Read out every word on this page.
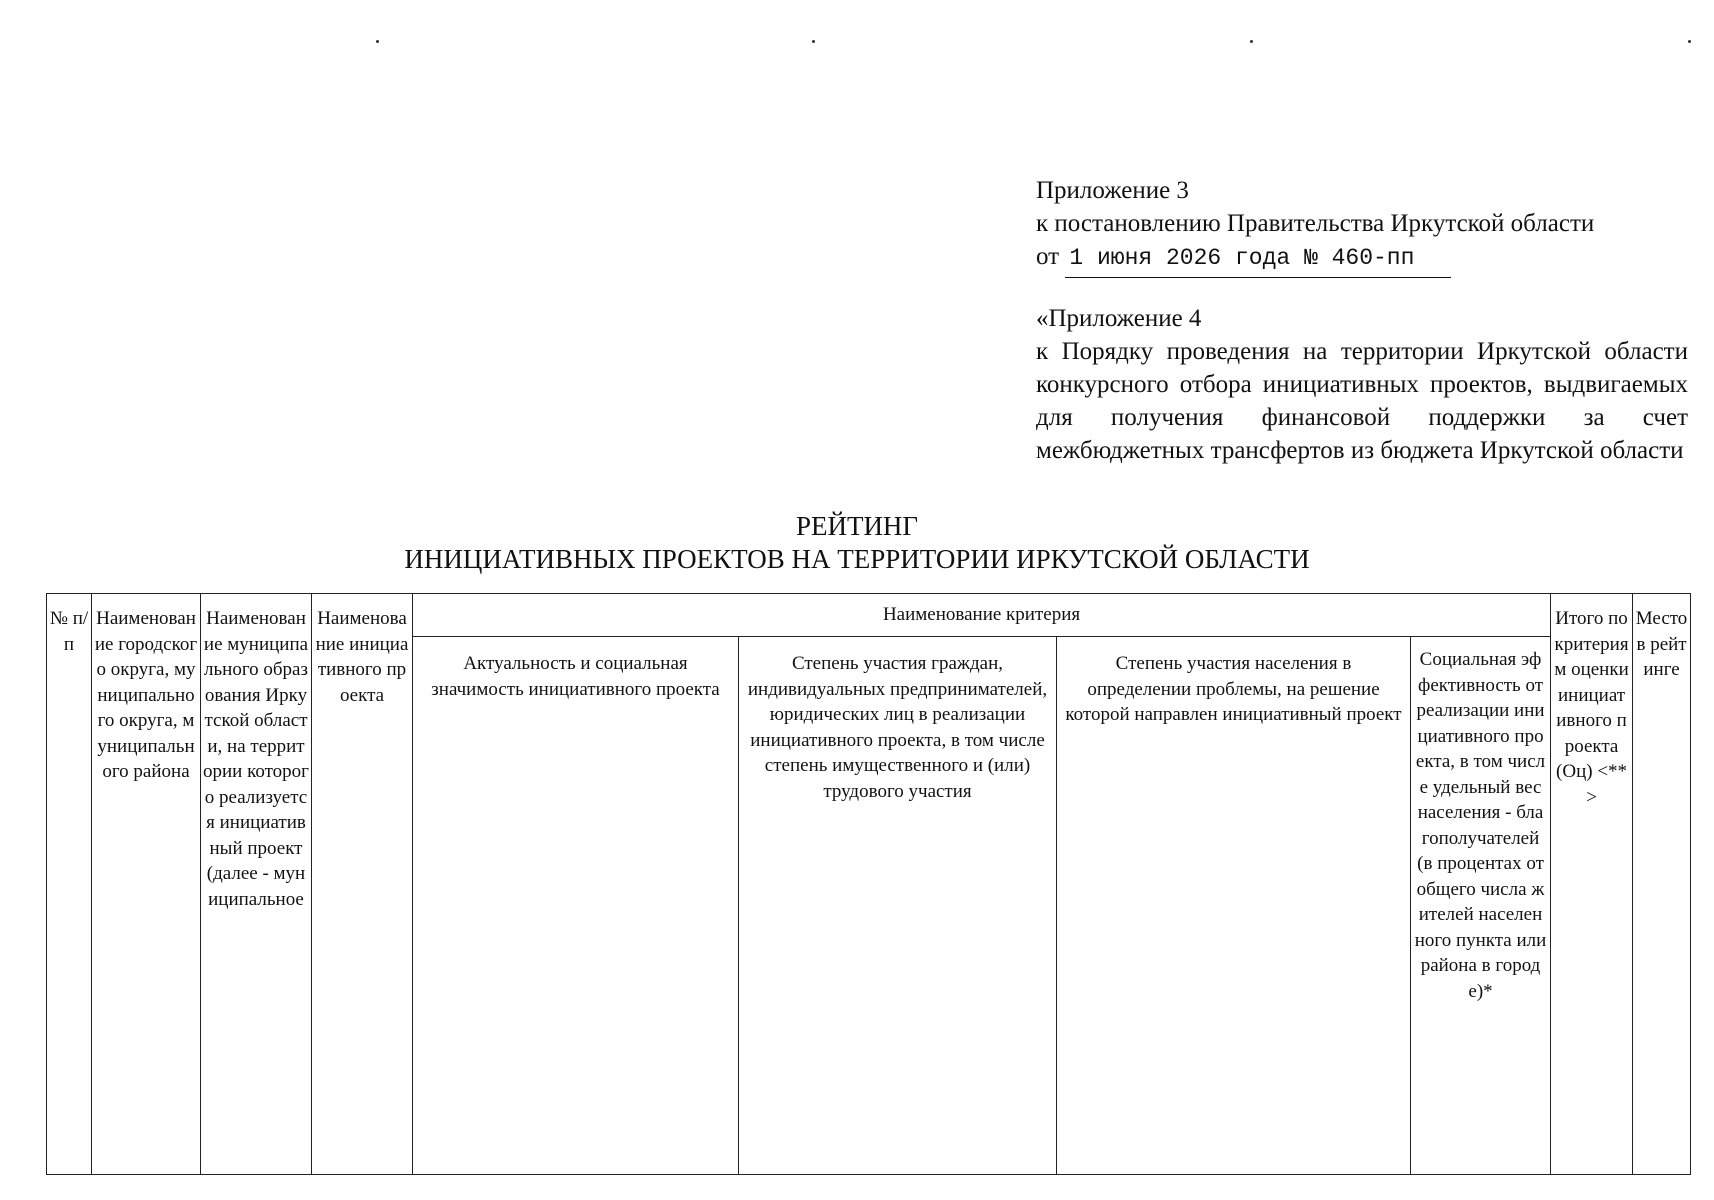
Приложение 3

к постановлению Правительства Иркутской области

от 1 июня 2026 года № 460-пп

«Приложение 4

к Порядку проведения на территории Иркутской области конкурсного отбора инициативных проектов, выдвигаемых для получения финансовой поддержки за счет межбюджетных трансфертов из бюджета Иркутской области

РЕЙТИНГ
ИНИЦИАТИВНЫХ ПРОЕКТОВ НА ТЕРРИТОРИИ ИРКУТСКОЙ ОБЛАСТИ
№ п/п	Наименование городского округа, муниципального округа, муниципального района	Наименование муниципального образования Иркутской области, на территории которого реализуется инициативный проект (далее - муниципальное	Наименование инициативного проекта	Наименование критерия				Итого по критериям оценки инициативного проекта (Оц) <**>	Место в рейтинге
				Актуальность и социальная значимость инициативного проекта	Степень участия граждан, индивидуальных предпринимателей, юридических лиц в реализации инициативного проекта, в том числе степень имущественного и (или) трудового участия	Степень участия населения в определении проблемы, на решение которой направлен инициативный проект	Социальная эффективность от реализации инициативного проекта, в том числе удельный вес населения - благополучателей (в процентах от общего числа жителей населенного пункта или района в городе)*		
